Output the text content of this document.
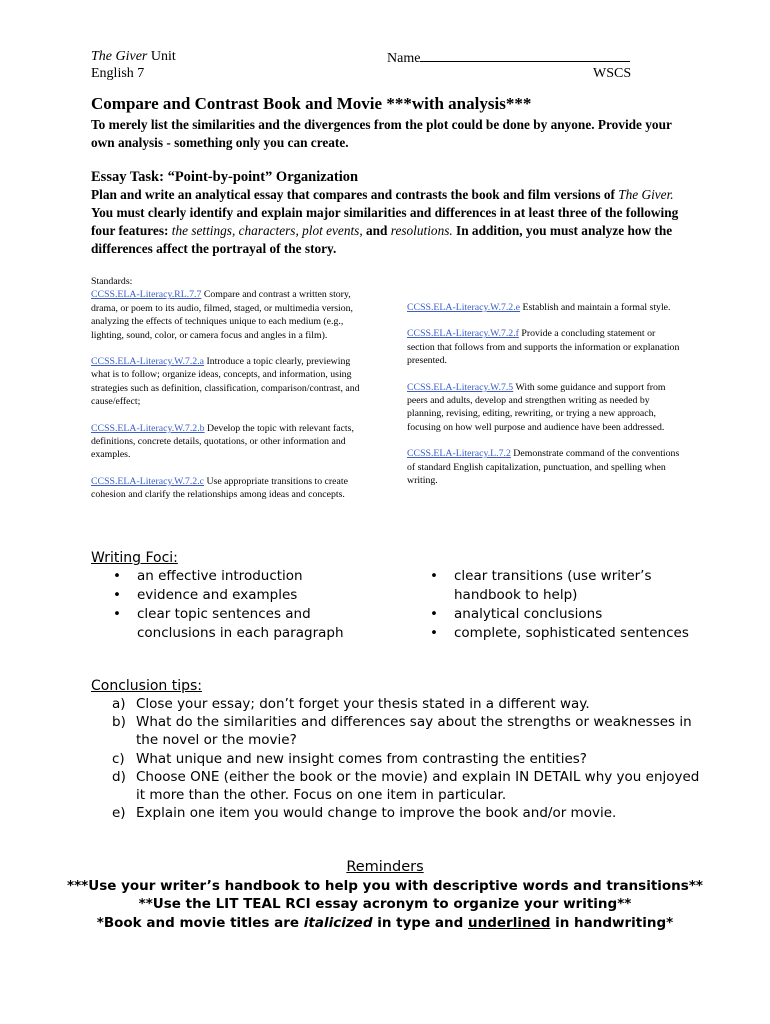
The Giver Unit
English 7
Name
WSCS
Compare and Contrast Book and Movie ***with analysis***
To merely list the similarities and the divergences from the plot could be done by anyone. Provide your own analysis - something only you can create.
Essay Task: “Point-by-point” Organization
Plan and write an analytical essay that compares and contrasts the book and film versions of The Giver. You must clearly identify and explain major similarities and differences in at least three of the following four features: the settings, characters, plot events, and resolutions. In addition, you must analyze how the differences affect the portrayal of the story.

Standards:

CCSS.ELA-Literacy.RL.7.7 Compare and contrast a written story, drama, or poem to its audio, filmed, staged, or multimedia version, analyzing the effects of techniques unique to each medium (e.g., lighting, sound, color, or camera focus and angles in a film).

CCSS.ELA-Literacy.W.7.2.a Introduce a topic clearly, previewing what is to follow; organize ideas, concepts, and information, using strategies such as definition, classification, comparison/contrast, and cause/effect;

CCSS.ELA-Literacy.W.7.2.b Develop the topic with relevant facts, definitions, concrete details, quotations, or other information and examples.

CCSS.ELA-Literacy.W.7.2.c Use appropriate transitions to create cohesion and clarify the relationships among ideas and concepts.

CCSS.ELA-Literacy.W.7.2.e Establish and maintain a formal style.

CCSS.ELA-Literacy.W.7.2.f Provide a concluding statement or section that follows from and supports the information or explanation presented.

CCSS.ELA-Literacy.W.7.5 With some guidance and support from peers and adults, develop and strengthen writing as needed by planning, revising, editing, rewriting, or trying a new approach, focusing on how well purpose and audience have been addressed.

CCSS.ELA-Literacy.L.7.2 Demonstrate command of the conventions of standard English capitalization, punctuation, and spelling when writing.

Writing Foci:
• an effective introduction
• evidence and examples
• clear topic sentences and conclusions in each paragraph
• clear transitions (use writer’s handbook to help)
• analytical conclusions
• complete, sophisticated sentences
Conclusion tips:
a) Close your essay; don’t forget your thesis stated in a different way.
b) What do the similarities and differences say about the strengths or weaknesses in the novel or the movie?
c) What unique and new insight comes from contrasting the entities?
d) Choose ONE (either the book or the movie) and explain IN DETAIL why you enjoyed it more than the other. Focus on one item in particular.
e) Explain one item you would change to improve the book and/or movie.
Reminders
***Use your writer’s handbook to help you with descriptive words and transitions**
**Use the LIT TEAL RCI essay acronym to organize your writing**
*Book and movie titles are italicized in type and underlined in handwriting*
